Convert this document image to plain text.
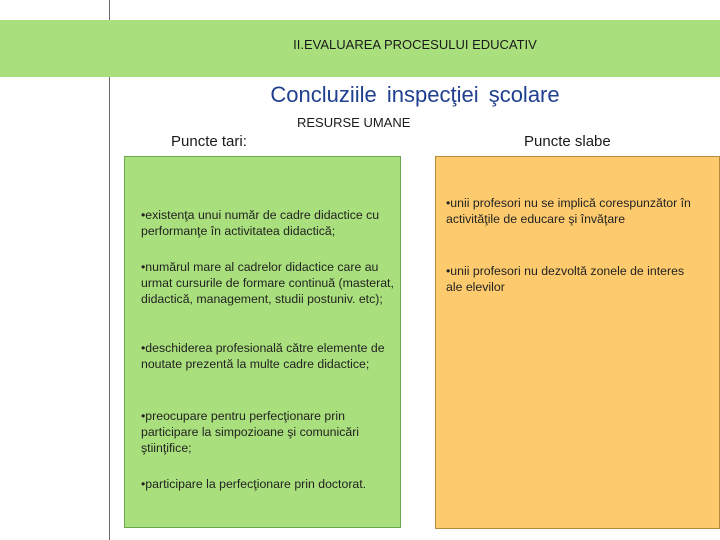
II.EVALUAREA PROCESULUI EDUCATIV
Concluziile inspecţiei şcolare
RESURSE UMANE
Puncte tari:	Puncte slabe

•existenţa unui număr de cadre didactice cu performanţe în activitatea didactică;

•numărul mare al cadrelor didactice care au urmat cursurile de formare continuă (masterat, didactică, management, studii postuniv. etc);

•deschiderea profesională către elemente de noutate prezentă la multe cadre didactice;

•preocupare pentru perfecţionare prin participare la simpozioane şi comunicări ştiinţifice;

•participare la perfecţionare prin doctorat.

•unii profesori nu se implică corespunzător în activităţile de educare şi învăţare

•unii profesori nu dezvoltă zonele de interes ale elevilor
